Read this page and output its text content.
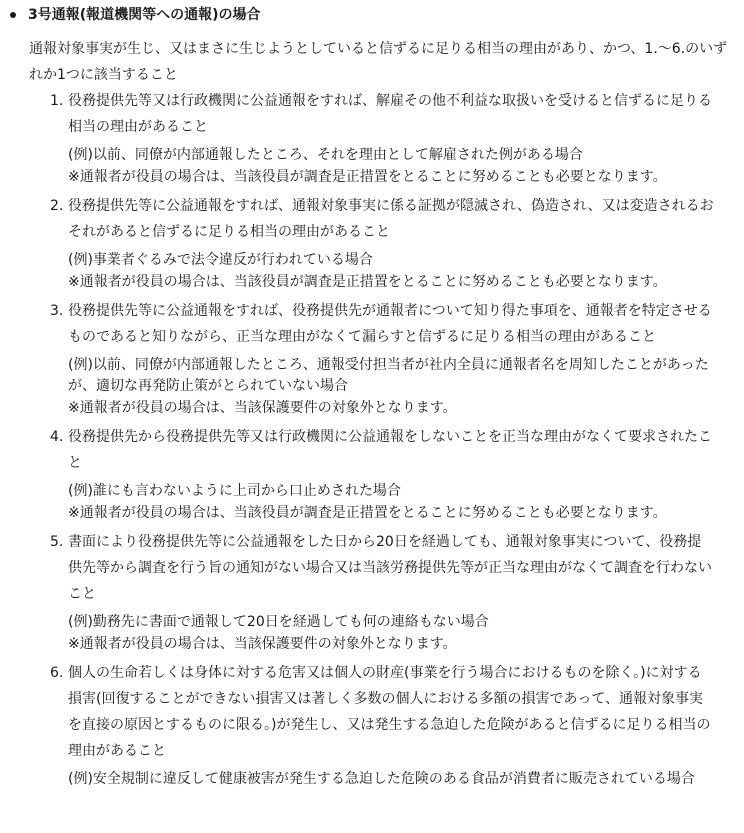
3号通報(報道機関等への通報)の場合

通報対象事実が生じ、又はまさに生じようとしていると信ずるに足りる相当の理由があり、かつ、1.～6.のいずれか1つに該当すること

1. 役務提供先等又は行政機関に公益通報をすれば、解雇その他不利益な取扱いを受けると信ずるに足りる相当の理由があること

(例)以前、同僚が内部通報したところ、それを理由として解雇された例がある場合

※通報者が役員の場合は、当該役員が調査是正措置をとることに努めることも必要となります。

2. 役務提供先等に公益通報をすれば、通報対象事実に係る証拠が隠滅され、偽造され、又は変造されるおそれがあると信ずるに足りる相当の理由があること

(例)事業者ぐるみで法令違反が行われている場合

※通報者が役員の場合は、当該役員が調査是正措置をとることに努めることも必要となります。

3. 役務提供先等に公益通報をすれば、役務提供先が通報者について知り得た事項を、通報者を特定させるものであると知りながら、正当な理由がなくて漏らすと信ずるに足りる相当の理由があること

(例)以前、同僚が内部通報したところ、通報受付担当者が社内全員に通報者名を周知したことがあったが、適切な再発防止策がとられていない場合

※通報者が役員の場合は、当該保護要件の対象外となります。

4. 役務提供先から役務提供先等又は行政機関に公益通報をしないことを正当な理由がなくて要求されたこと

(例)誰にも言わないように上司から口止めされた場合

※通報者が役員の場合は、当該役員が調査是正措置をとることに努めることも必要となります。

5. 書面により役務提供先等に公益通報をした日から20日を経過しても、通報対象事実について、役務提供先等から調査を行う旨の通知がない場合又は当該労務提供先等が正当な理由がなくて調査を行わないこと

(例)勤務先に書面で通報して20日を経過しても何の連絡もない場合

※通報者が役員の場合は、当該保護要件の対象外となります。

6. 個人の生命若しくは身体に対する危害又は個人の財産(事業を行う場合におけるものを除く。)に対する損害(回復することができない損害又は著しく多数の個人における多額の損害であって、通報対象事実を直接の原因とするものに限る。)が発生し、又は発生する急迫した危険があると信ずるに足りる相当の理由があること

(例)安全規制に違反して健康被害が発生する急迫した危険のある食品が消費者に販売されている場合
